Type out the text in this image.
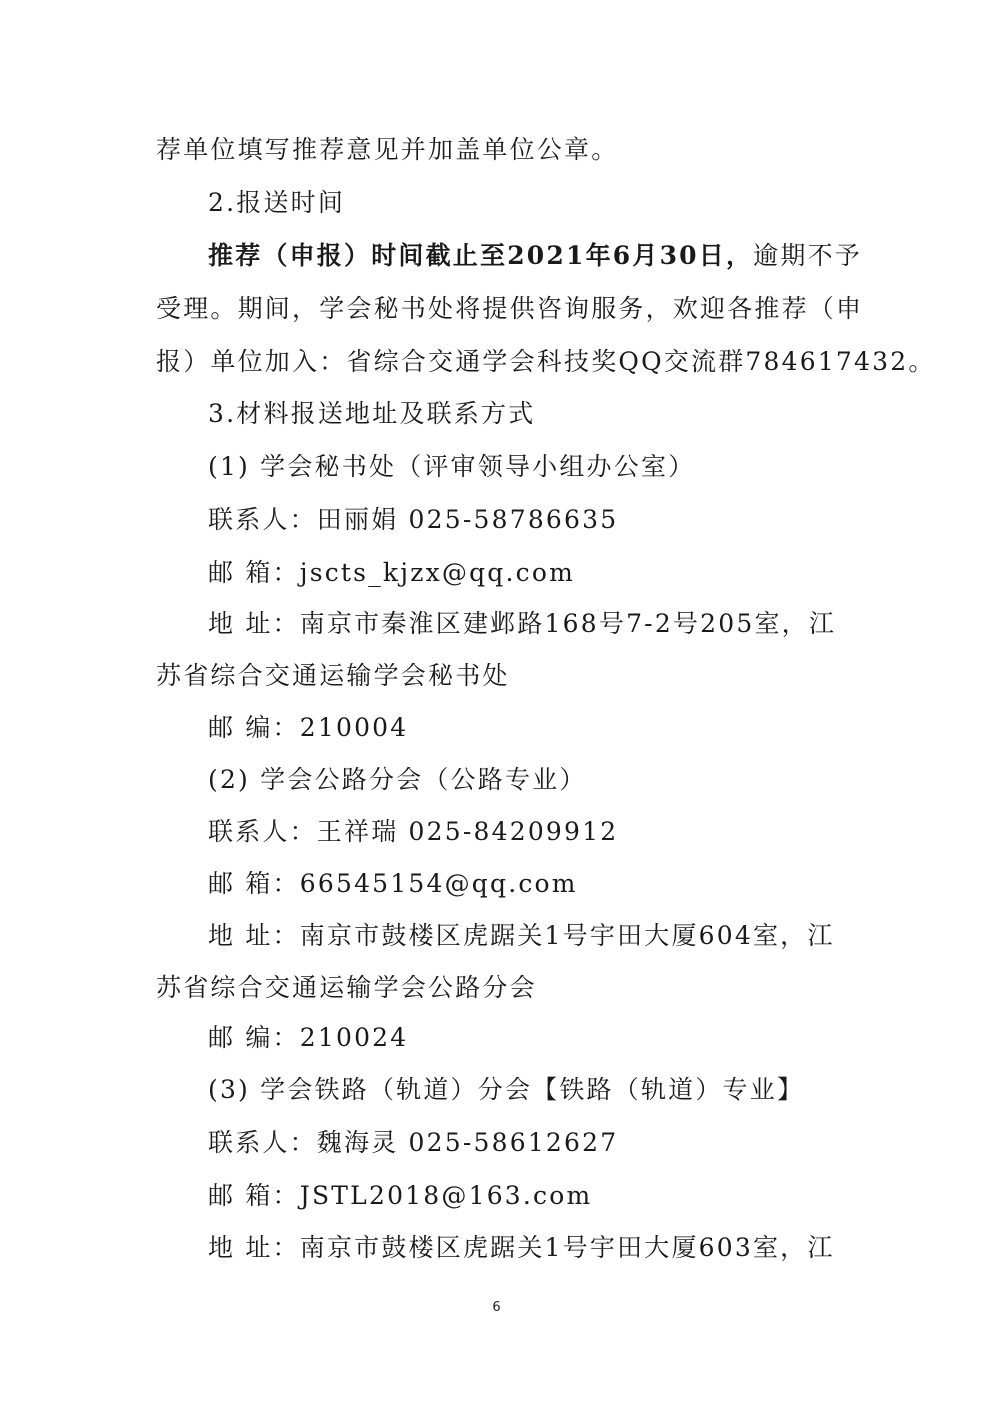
荐单位填写推荐意见并加盖单位公章。
2.报送时间
推荐（申报）时间截止至2021年6月30日，逾期不予
受理。期间，学会秘书处将提供咨询服务，欢迎各推荐（申
报）单位加入：省综合交通学会科技奖QQ交流群784617432。
3.材料报送地址及联系方式
(1) 学会秘书处（评审领导小组办公室）
联系人：田丽娟 025-58786635
邮 箱：jscts_kjzx@qq.com
地 址：南京市秦淮区建邺路168号7-2号205室，江
苏省综合交通运输学会秘书处
邮 编：210004
(2) 学会公路分会（公路专业）
联系人：王祥瑞 025-84209912
邮 箱：66545154@qq.com
地 址：南京市鼓楼区虎踞关1号宇田大厦604室，江
苏省综合交通运输学会公路分会
邮 编：210024
(3) 学会铁路（轨道）分会【铁路（轨道）专业】
联系人：魏海灵 025-58612627
邮 箱：JSTL2018@163.com
地 址：南京市鼓楼区虎踞关1号宇田大厦603室，江
6
